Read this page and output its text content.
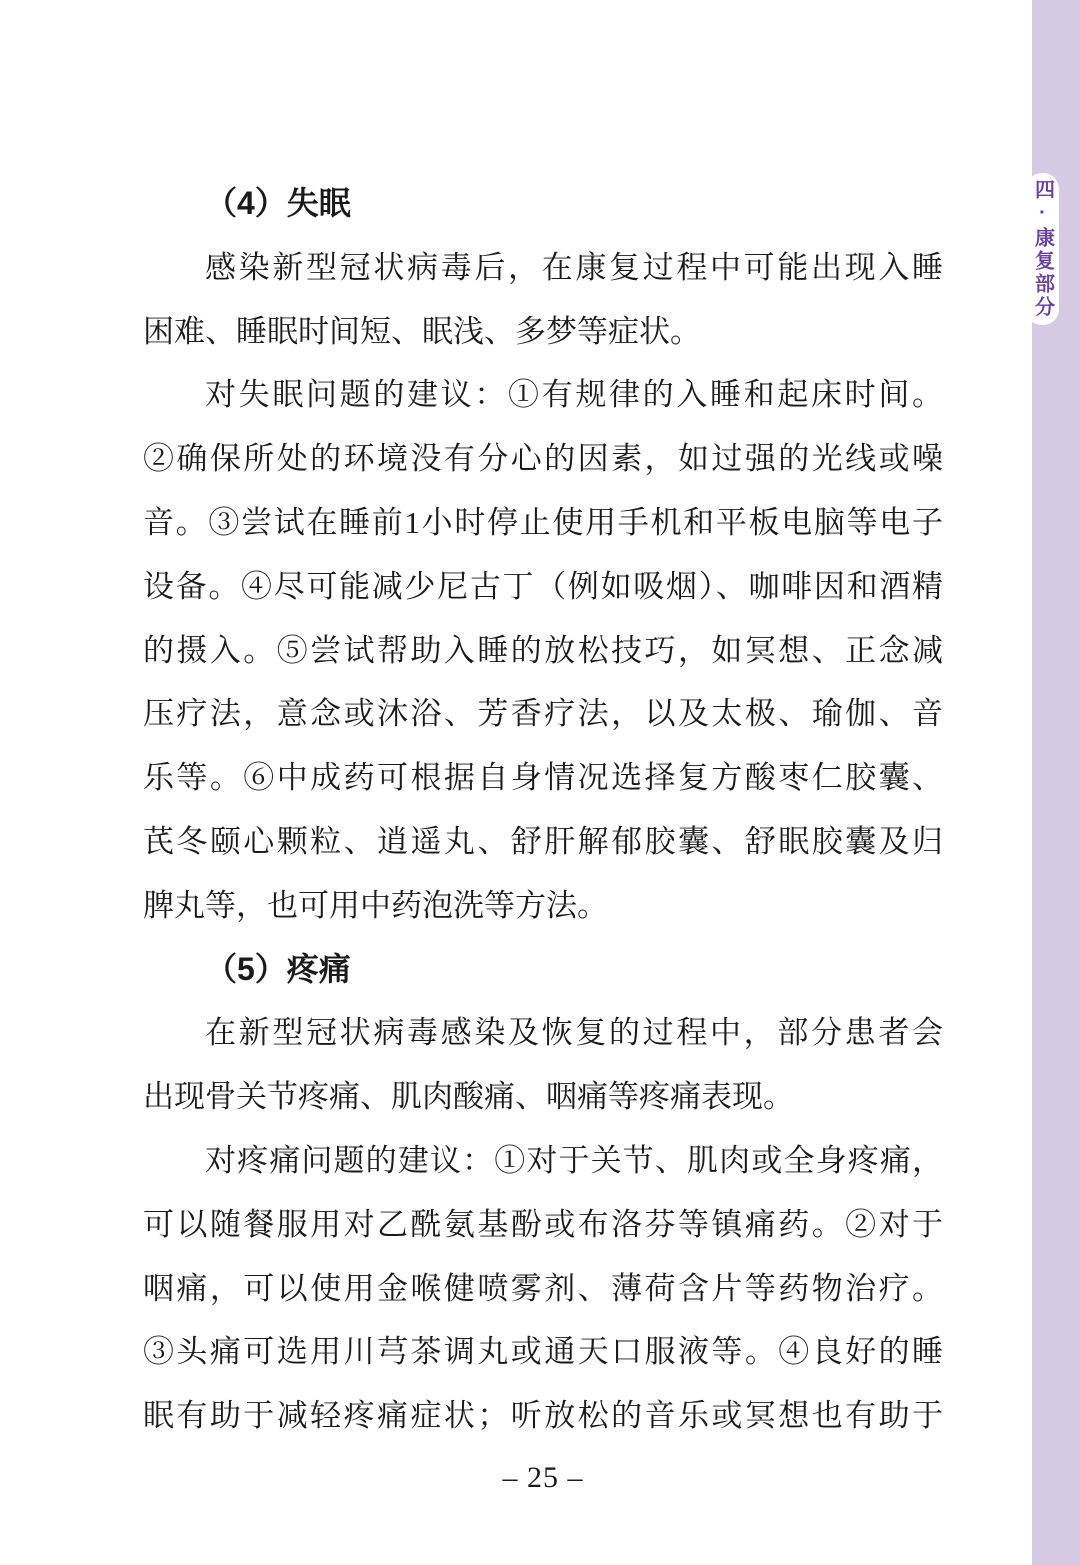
四·康复部分
（4）失眠
感染新型冠状病毒后，在康复过程中可能出现入睡
困难、睡眠时间短、眠浅、多梦等症状。
对失眠问题的建议：①有规律的入睡和起床时间。
②确保所处的环境没有分心的因素，如过强的光线或噪
音。③尝试在睡前1小时停止使用手机和平板电脑等电子
设备。④尽可能减少尼古丁（例如吸烟）、咖啡因和酒精
的摄入。⑤尝试帮助入睡的放松技巧，如冥想、正念减
压疗法，意念或沐浴、芳香疗法，以及太极、瑜伽、音
乐等。⑥中成药可根据自身情况选择复方酸枣仁胶囊、
芪冬颐心颗粒、逍遥丸、舒肝解郁胶囊、舒眠胶囊及归
脾丸等，也可用中药泡洗等方法。
（5）疼痛
在新型冠状病毒感染及恢复的过程中，部分患者会
出现骨关节疼痛、肌肉酸痛、咽痛等疼痛表现。
对疼痛问题的建议：①对于关节、肌肉或全身疼痛，
可以随餐服用对乙酰氨基酚或布洛芬等镇痛药。②对于
咽痛，可以使用金喉健喷雾剂、薄荷含片等药物治疗。
③头痛可选用川芎茶调丸或通天口服液等。④良好的睡
眠有助于减轻疼痛症状；听放松的音乐或冥想也有助于
– 25 –
